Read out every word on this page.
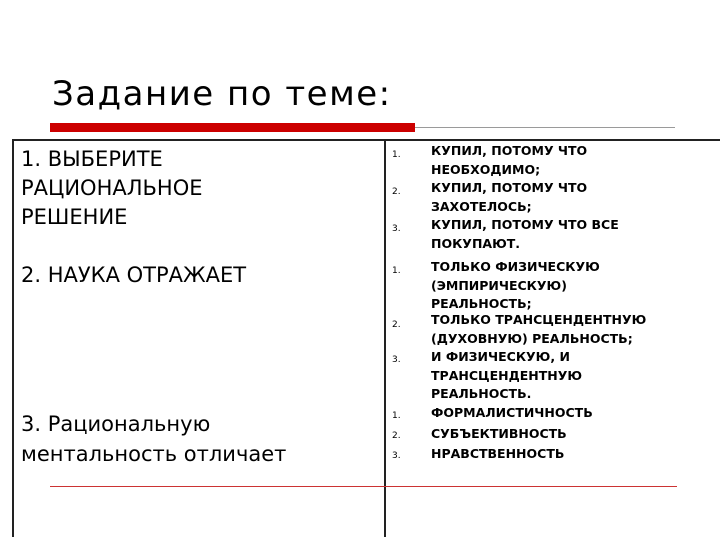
Задание по теме:
1. ВЫБЕРИТЕ
РАЦИОНАЛЬНОЕ
РЕШЕНИЕ
1. КУПИЛ, ПОТОМУ ЧТО
НЕОБХОДИМО;
2. КУПИЛ, ПОТОМУ ЧТО
ЗАХОТЕЛОСЬ;
3. КУПИЛ, ПОТОМУ ЧТО ВСЕ
ПОКУПАЮТ.
2. НАУКА ОТРАЖАЕТ	1. ТОЛЬКО ФИЗИЧЕСКУЮ
(ЭМПИРИЧЕСКУЮ)
РЕАЛЬНОСТЬ;
2. ТОЛЬКО ТРАНСЦЕНДЕНТНУЮ
(ДУХОВНУЮ) РЕАЛЬНОСТЬ;
3. И ФИЗИЧЕСКУЮ, И
ТРАНСЦЕНДЕНТНУЮ
РЕАЛЬНОСТЬ.
3. Рациональную
ментальность отличает
1. ФОРМАЛИСТИЧНОСТЬ
2. СУБЪЕКТИВНОСТЬ
3. НРАВСТВЕННОСТЬ
